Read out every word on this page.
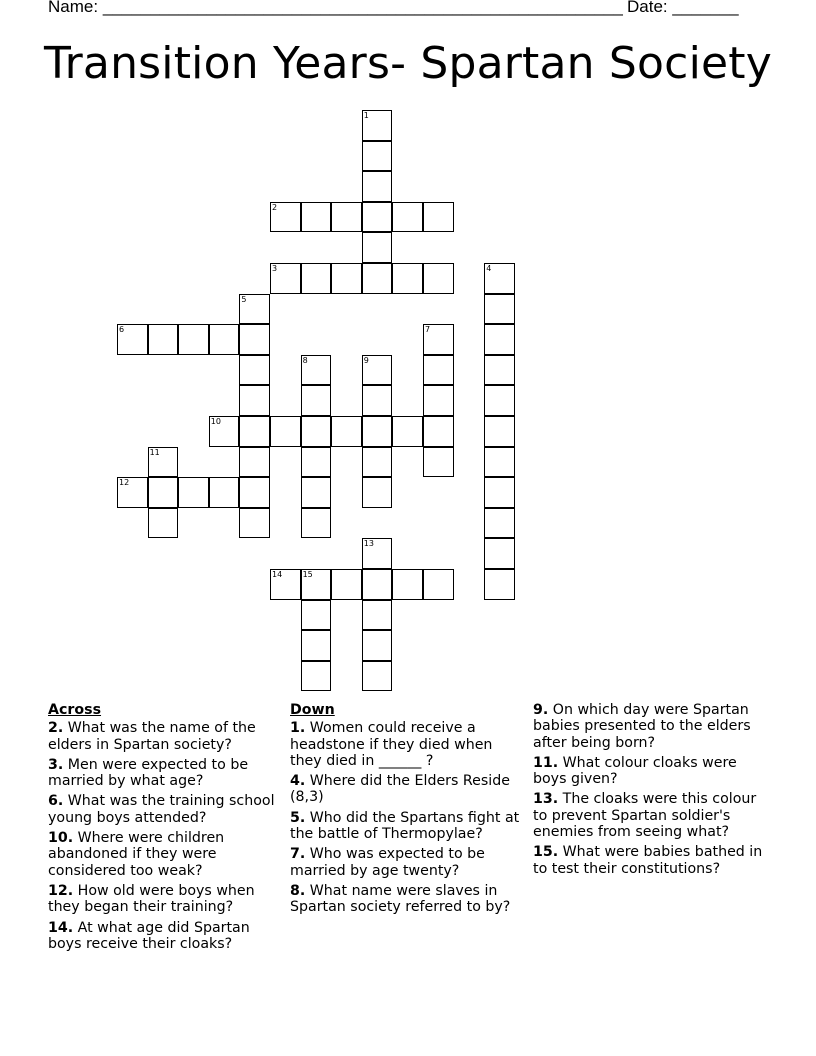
Name: _______________________________________________________ Date: _______
Transition Years- Spartan Society
1
2
3	4
5
6	7
8	9
10
11
12
13
14	15
Across
2. What was the name of the elders in Spartan society?
3. Men were expected to be married by what age?
6. What was the training school young boys attended?
10. Where were children abandoned if they were considered too weak?
12. How old were boys when they began their training?
14. At what age did Spartan boys receive their cloaks?
Down
1. Women could receive a headstone if they died when they died in ______ ?
4. Where did the Elders Reside (8,3)
5. Who did the Spartans fight at the battle of Thermopylae?
7. Who was expected to be married by age twenty?
8. What name were slaves in Spartan society referred to by?
9. On which day were Spartan babies presented to the elders after being born?
11. What colour cloaks were boys given?
13. The cloaks were this colour to prevent Spartan soldier's enemies from seeing what?
15. What were babies bathed in to test their constitutions?
